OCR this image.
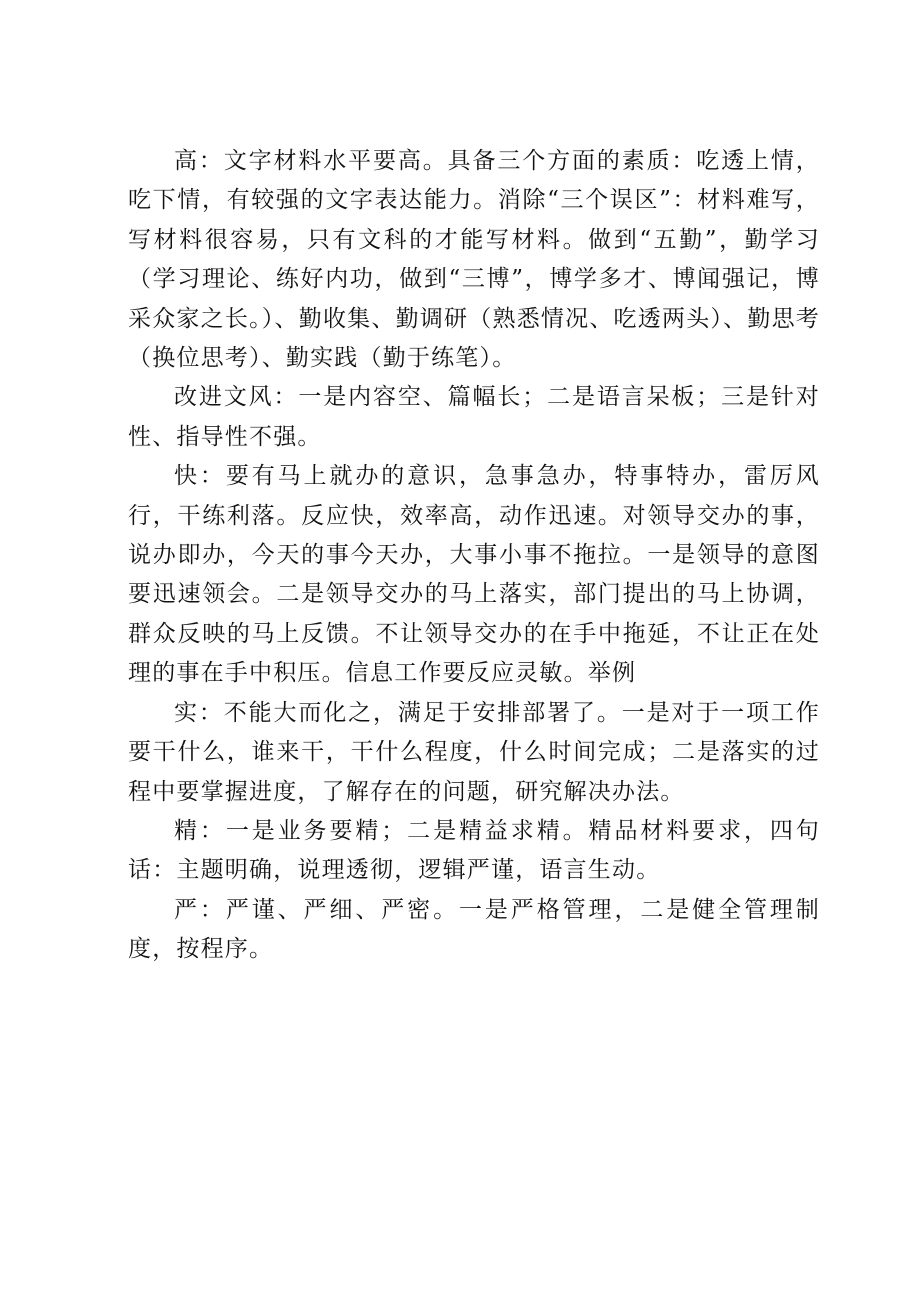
高：文字材料水平要高。具备三个方面的素质：吃透上情，吃下情，有较强的文字表达能力。消除“三个误区”：材料难写，写材料很容易，只有文科的才能写材料。做到“五勤”，勤学习（学习理论、练好内功，做到“三博”，博学多才、博闻强记，博采众家之长。）、勤收集、勤调研（熟悉情况、吃透两头）、勤思考（换位思考）、勤实践（勤于练笔）。

改进文风：一是内容空、篇幅长；二是语言呆板；三是针对性、指导性不强。

快：要有马上就办的意识，急事急办，特事特办，雷厉风行，干练利落。反应快，效率高，动作迅速。对领导交办的事，说办即办，今天的事今天办，大事小事不拖拉。一是领导的意图要迅速领会。二是领导交办的马上落实，部门提出的马上协调，群众反映的马上反馈。不让领导交办的在手中拖延，不让正在处理的事在手中积压。信息工作要反应灵敏。举例

实：不能大而化之，满足于安排部署了。一是对于一项工作要干什么，谁来干，干什么程度，什么时间完成；二是落实的过程中要掌握进度，了解存在的问题，研究解决办法。

精：一是业务要精；二是精益求精。精品材料要求，四句话：主题明确，说理透彻，逻辑严谨，语言生动。

严：严谨、严细、严密。一是严格管理，二是健全管理制度，按程序。
